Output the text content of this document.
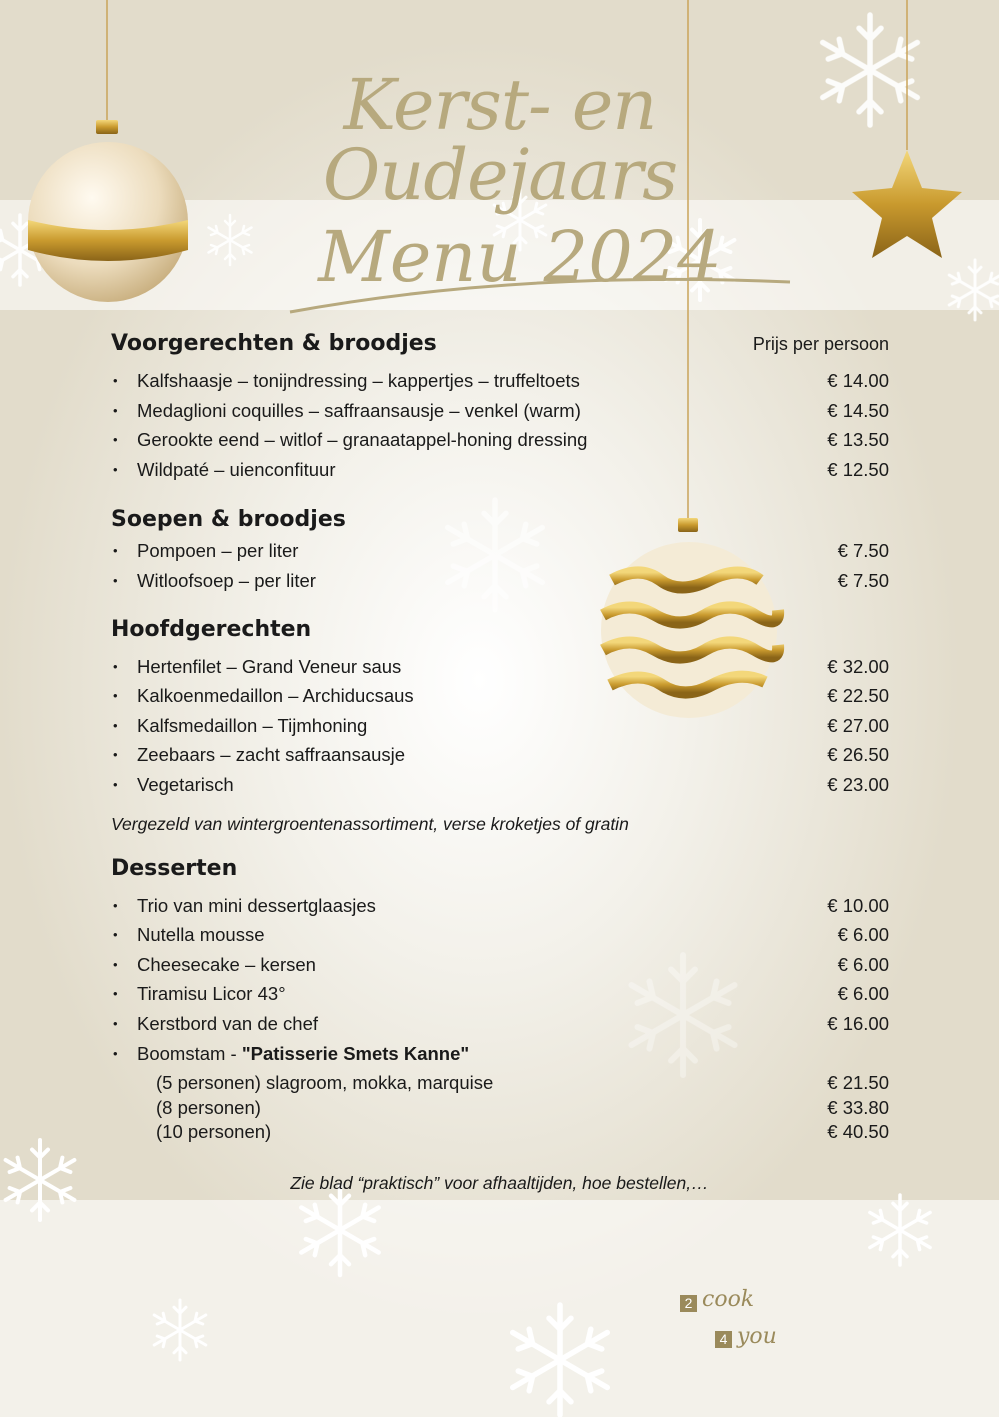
Kerst- en Oudejaars
Menu 2024
Voorgerechten & broodjes	Prijs per persoon
• Kalfshaasje – tonijndressing – kappertjes – truffeltoets	€ 14.00
• Medaglioni coquilles – saffraansausje – venkel (warm)	€ 14.50
• Gerookte eend – witlof – granaatappel-honing dressing	€ 13.50
• Wildpaté – uienconfituur	€ 12.50
Soepen & broodjes
• Pompoen – per liter	€ 7.50
• Witloofsoep – per liter	€ 7.50
Hoofdgerechten
• Hertenfilet – Grand Veneur saus	€ 32.00
• Kalkoenmedaillon – Archiducsaus	€ 22.50
• Kalfsmedaillon – Tijmhoning	€ 27.00
• Zeebaars – zacht saffraansausje	€ 26.50
• Vegetarisch	€ 23.00
Vergezeld van wintergroentenassortiment, verse kroketjes of gratin
Desserten
• Trio van mini dessertglaasjes	€ 10.00
• Nutella mousse	€ 6.00
• Cheesecake – kersen	€ 6.00
• Tiramisu Licor 43°	€ 6.00
• Kerstbord van de chef	€ 16.00
• Boomstam - "Patisserie Smets Kanne"
(5 personen) slagroom, mokka, marquise	€ 21.50
(8 personen)	€ 33.80
(10 personen)	€ 40.50
Zie blad “praktisch” voor afhaaltijden, hoe bestellen,…
2 cook
4 you
